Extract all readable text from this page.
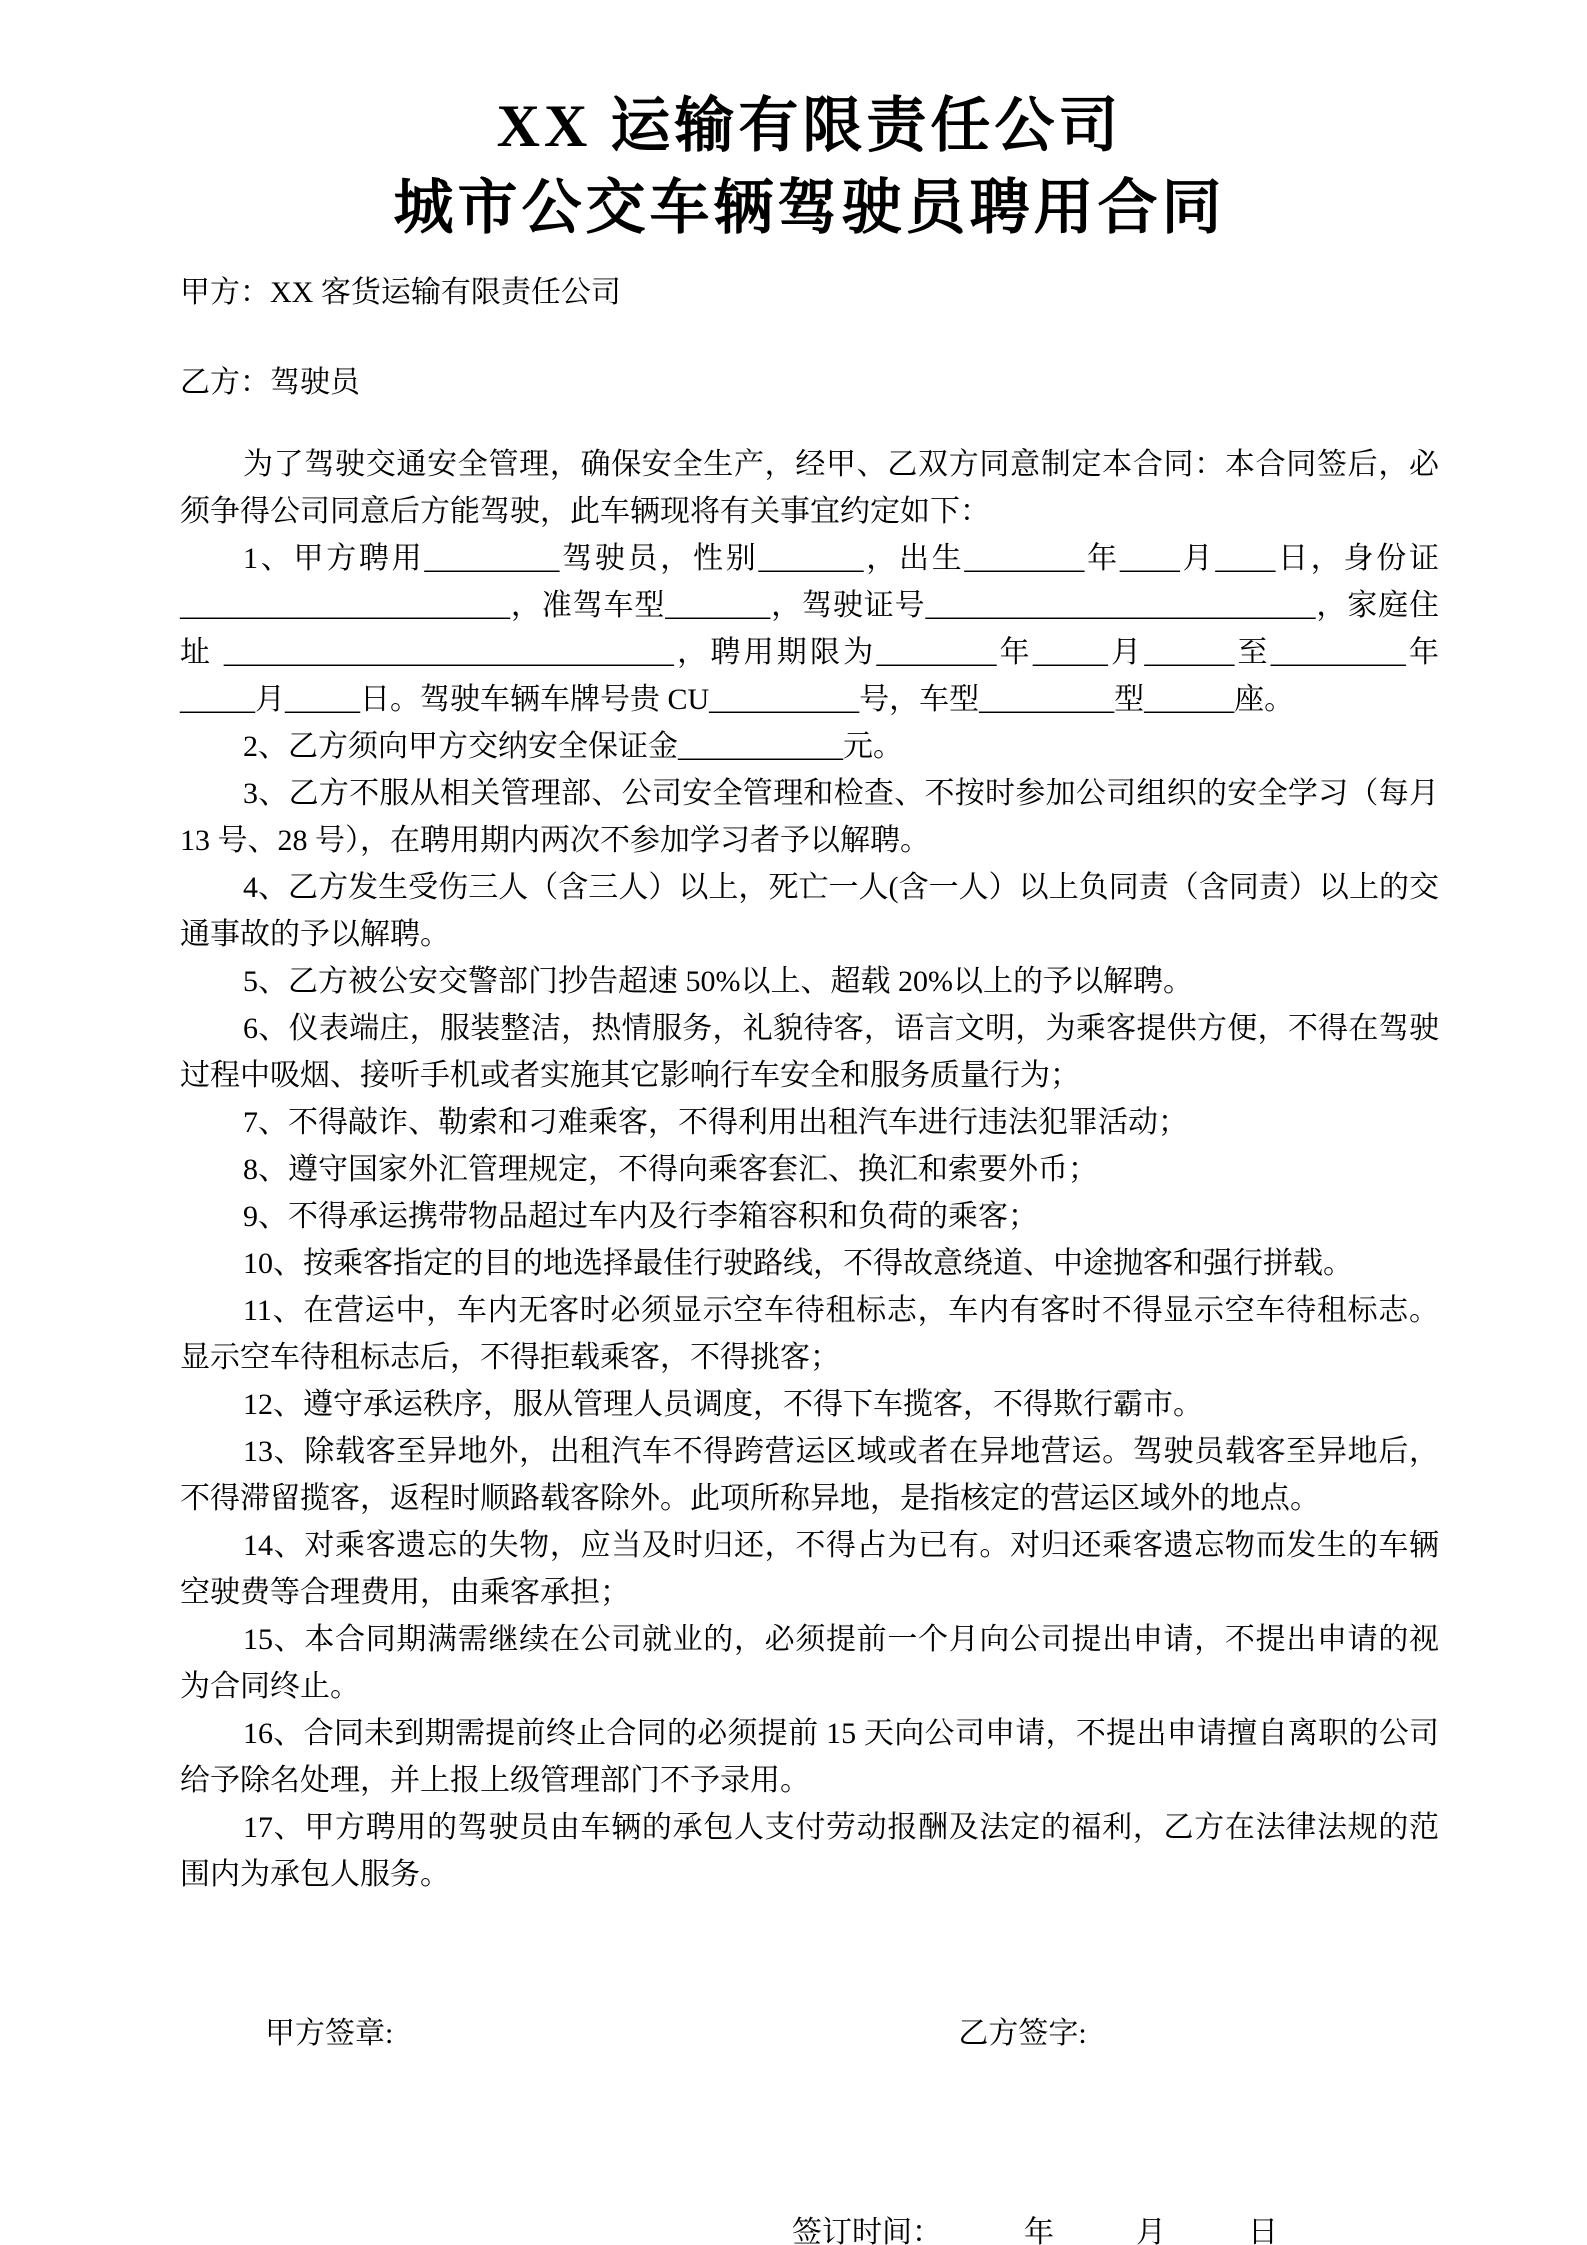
XX 运输有限责任公司
城市公交车辆驾驶员聘用合同

甲方：XX 客货运输有限责任公司

乙方：驾驶员

为了驾驶交通安全管理，确保安全生产，经甲、乙双方同意制定本合同：本合同签后，必须争得公司同意后方能驾驶，此车辆现将有关事宜约定如下：

1、甲方聘用_________驾驶员，性别_______，出生________年____月____日，身份证______________________，准驾车型_______，驾驶证号__________________________，家庭住址 ______________________________，聘用期限为________年_____月______至_________年_____月_____日。驾驶车辆车牌号贵 CU__________号，车型_________型______座。

2、乙方须向甲方交纳安全保证金___________元。

3、乙方不服从相关管理部、公司安全管理和检查、不按时参加公司组织的安全学习（每月 13 号、28 号），在聘用期内两次不参加学习者予以解聘。

4、乙方发生受伤三人（含三人）以上，死亡一人(含一人）以上负同责（含同责）以上的交通事故的予以解聘。

5、乙方被公安交警部门抄告超速 50%以上、超载 20%以上的予以解聘。

6、仪表端庄，服装整洁，热情服务，礼貌待客，语言文明，为乘客提供方便，不得在驾驶过程中吸烟、接听手机或者实施其它影响行车安全和服务质量行为；

7、不得敲诈、勒索和刁难乘客，不得利用出租汽车进行违法犯罪活动；

8、遵守国家外汇管理规定，不得向乘客套汇、换汇和索要外币；

9、不得承运携带物品超过车内及行李箱容积和负荷的乘客；

10、按乘客指定的目的地选择最佳行驶路线，不得故意绕道、中途抛客和强行拼载。

11、在营运中，车内无客时必须显示空车待租标志，车内有客时不得显示空车待租标志。显示空车待租标志后，不得拒载乘客，不得挑客；

12、遵守承运秩序，服从管理人员调度，不得下车揽客，不得欺行霸市。

13、除载客至异地外，出租汽车不得跨营运区域或者在异地营运。驾驶员载客至异地后，不得滞留揽客，返程时顺路载客除外。此项所称异地，是指核定的营运区域外的地点。

14、对乘客遗忘的失物，应当及时归还，不得占为已有。对归还乘客遗忘物而发生的车辆空驶费等合理费用，由乘客承担；

15、本合同期满需继续在公司就业的，必须提前一个月向公司提出申请，不提出申请的视为合同终止。

16、合同未到期需提前终止合同的必须提前 15 天向公司申请，不提出申请擅自离职的公司给予除名处理，并上报上级管理部门不予录用。

17、甲方聘用的驾驶员由车辆的承包人支付劳动报酬及法定的福利，乙方在法律法规的范围内为承包人服务。

甲方签章:	乙方签字:
签订时间：	年	月	日
